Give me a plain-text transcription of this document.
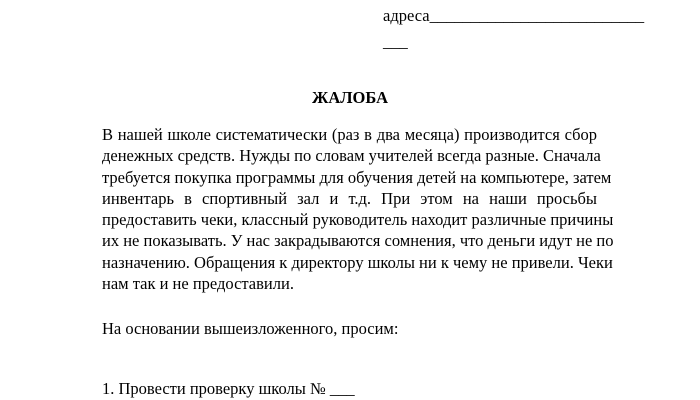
адреса__________________________
___
ЖАЛОБА
В нашей школе систематически (раз в два месяца) производится сбор
денежных средств. Нужды по словам учителей всегда разные. Сначала
требуется покупка программы для обучения детей на компьютере, затем
инвентарь в спортивный зал и т.д. При этом на наши просьбы
предоставить чеки, классный руководитель находит различные причины
их не показывать. У нас закрадываются сомнения, что деньги идут не по
назначению. Обращения к директору школы ни к чему не привели. Чеки
нам так и не предоставили.
На основании вышеизложенного, просим:
1. Провести проверку школы № ___
